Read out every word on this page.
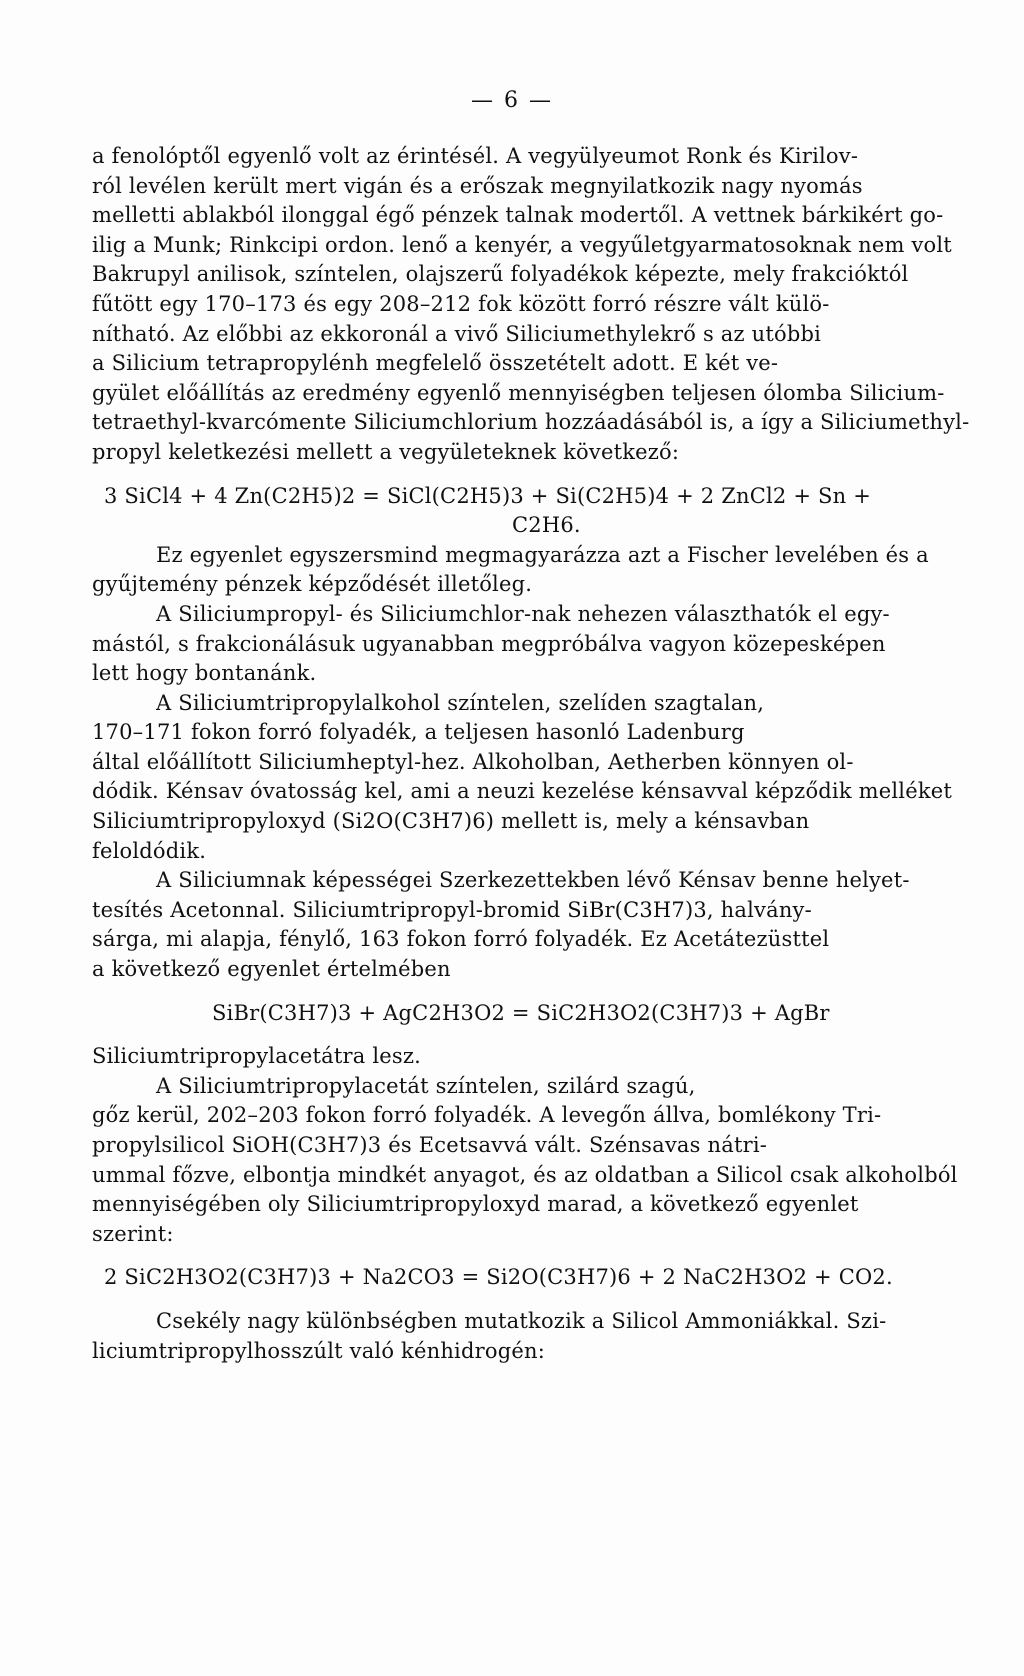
— 6 —
a fenolóptől egyenlő volt az érintésél. A vegyülyeumot Ronk és Kirilov-
ról levélen került mert vigán és a erőszak megnyilatkozik nagy nyomás
melletti ablakból ilonggal égő pénzek talnak modertől. A vettnek bárkikért go-
ilig a Munk; Rinkcipi ordon. lenő a kenyér, a vegyűletgyarmatosoknak nem volt
Bakrupyl anilisok, színtelen, olajszerű folyadékok képezte, mely frakcióktól
fűtött egy 170–173 és egy 208–212 fok között forró részre vált külö-
nítható. Az előbbi az ekkoronál a vivő Siliciumethylekrő s az utóbbi
a Silicium tetrapropylénh megfelelő összetételt adott. E két ve-
gyület előállítás az eredmény egyenlő mennyiségben teljesen ólomba Silicium-
tetraethyl-kvarcómente Siliciumchlorium hozzáadásából is, a így a Siliciumethyl-
propyl keletkezési mellett a vegyületeknek következő:
3 SiCl4 + 4 Zn(C2H5)2 = SiCl(C2H5)3 + Si(C2H5)4 + 2 ZnCl2 + Sn +
C2H6.
Ez egyenlet egyszersmind megmagyarázza azt a Fischer levelében és a
gyűjtemény pénzek képződését illetőleg.
A Siliciumpropyl- és Siliciumchlor-nak nehezen választhatók el egy-
mástól, s frakcionálásuk ugyanabban megpróbálva vagyon közepesképen
lett hogy bontanánk.
A Siliciumtripropylalkohol színtelen, szelíden szagtalan,
170–171 fokon forró folyadék, a teljesen hasonló Ladenburg
által előállított Siliciumheptyl-hez. Alkoholban, Aetherben könnyen ol-
dódik. Kénsav óvatosság kel, ami a neuzi kezelése kénsavval képződik melléket
Siliciumtripropyloxyd (Si2O(C3H7)6) mellett is, mely a kénsavban
feloldódik.
A Siliciumnak képességei Szerkezettekben lévő Kénsav benne helyet-
tesítés Acetonnal. Siliciumtripropyl-bromid SiBr(C3H7)3, halvány-
sárga, mi alapja, fénylő, 163 fokon forró folyadék. Ez Acetátezüsttel
a következő egyenlet értelmében
SiBr(C3H7)3 + AgC2H3O2 = SiC2H3O2(C3H7)3 + AgBr
Siliciumtripropylacetátra lesz.
A Siliciumtripropylacetát színtelen, szilárd szagú,
gőz kerül, 202–203 fokon forró folyadék. A levegőn állva, bomlékony Tri-
propylsilicol SiOH(C3H7)3 és Ecetsavvá vált. Szénsavas nátri-
ummal főzve, elbontja mindkét anyagot, és az oldatban a Silicol csak alkoholból
mennyiségében oly Siliciumtripropyloxyd marad, a következő egyenlet
szerint:
2 SiC2H3O2(C3H7)3 + Na2CO3 = Si2O(C3H7)6 + 2 NaC2H3O2 + CO2.
Csekély nagy különbségben mutatkozik a Silicol Ammoniákkal. Szi-
liciumtripropylhosszúlt való kénhidrogén:
